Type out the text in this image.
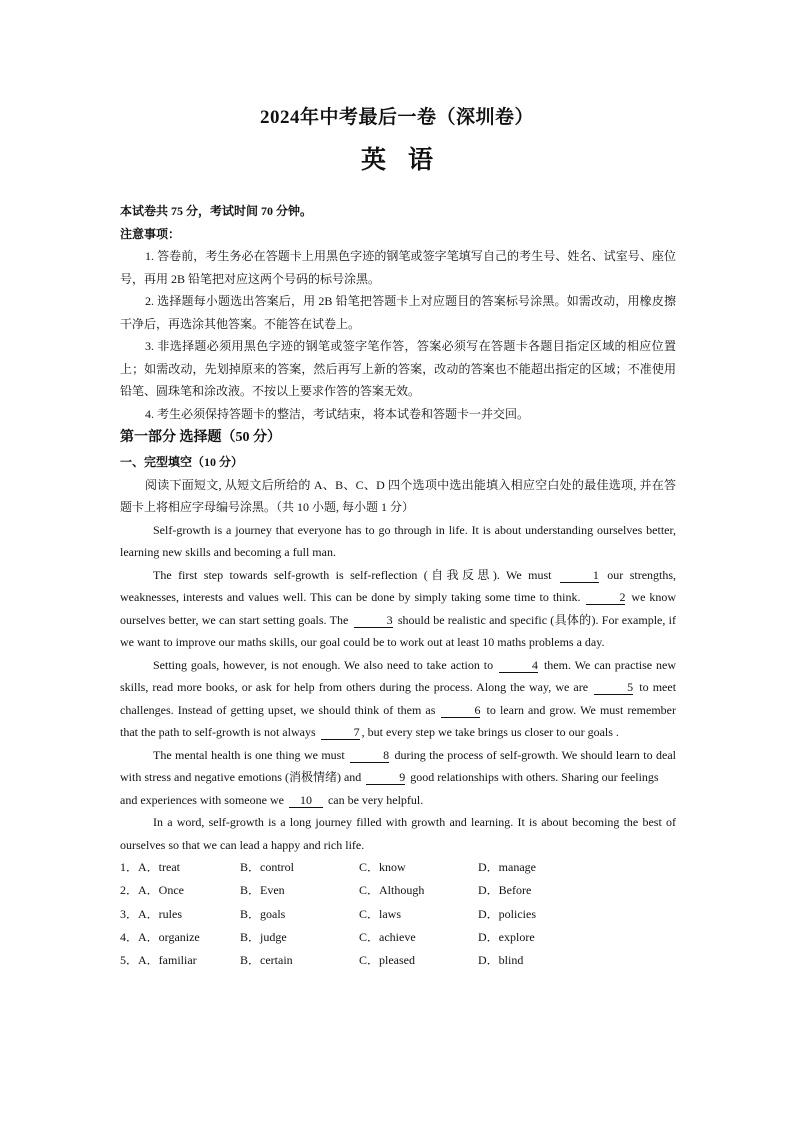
2024年中考最后一卷（深圳卷）
英语

本试卷共 75 分，考试时间 70 分钟。

注意事项：

1. 答卷前，考生务必在答题卡上用黑色字迹的钢笔或签字笔填写自己的考生号、姓名、试室号、座位号，再用 2B 铅笔把对应这两个号码的标号涂黑。

2. 选择题每小题选出答案后，用 2B 铅笔把答题卡上对应题目的答案标号涂黑。如需改动，用橡皮擦干净后，再选涂其他答案。不能答在试卷上。

3. 非选择题必须用黑色字迹的钢笔或签字笔作答，答案必须写在答题卡各题目指定区域的相应位置上；如需改动，先划掉原来的答案，然后再写上新的答案，改动的答案也不能超出指定的区域；不准使用铅笔、圆珠笔和涂改液。不按以上要求作答的答案无效。

4. 考生必须保持答题卡的整洁，考试结束，将本试卷和答题卡一并交回。

第一部分 选择题（50 分）

一、完型填空（10 分）

阅读下面短文, 从短文后所给的 A、B、C、D 四个选项中选出能填入相应空白处的最佳选项, 并在答题卡上将相应字母编号涂黑。（共 10 小题, 每小题 1 分）

Self-growth is a journey that everyone has to go through in life. It is about understanding ourselves better, learning new skills and becoming a full man.

The first step towards self-growth is self-reflection (自我反思). We must	1 our strengths, weaknesses, interests and values well. This can be done by simply taking some time to think.	2 we know ourselves better, we can start setting goals. The	3 should be realistic and specific (具体的). For example, if we want to improve our maths skills, our goal could be to work out at least 10 maths problems a day.

Setting goals, however, is not enough. We also need to take action to	4 them. We can practise new skills, read more books, or ask for help from others during the process. Along the way, we are	5 to meet challenges. Instead of getting upset, we should think of them as	6 to learn and grow. We must remember that the path to self-growth is not always	7 , but every step we take brings us closer to our goals .

The mental health is one thing we must	8 during the process of self-growth. We should learn to deal with stress and negative emotions (消极情绪) and	9 good relationships with others. Sharing our feelings

and experiences with someone we 10 can be very helpful.

In a word, self-growth is a long journey filled with growth and learning. It is about becoming the best of ourselves so that we can lead a happy and rich life.

1．A．treat	B．control	C．know	D．manage
2．A．Once	B．Even	C．Although	D．Before
3．A．rules	B．goals	C．laws	D．policies
4．A．organize	B．judge	C．achieve	D．explore
5．A．familiar	B．certain	C．pleased	D．blind
